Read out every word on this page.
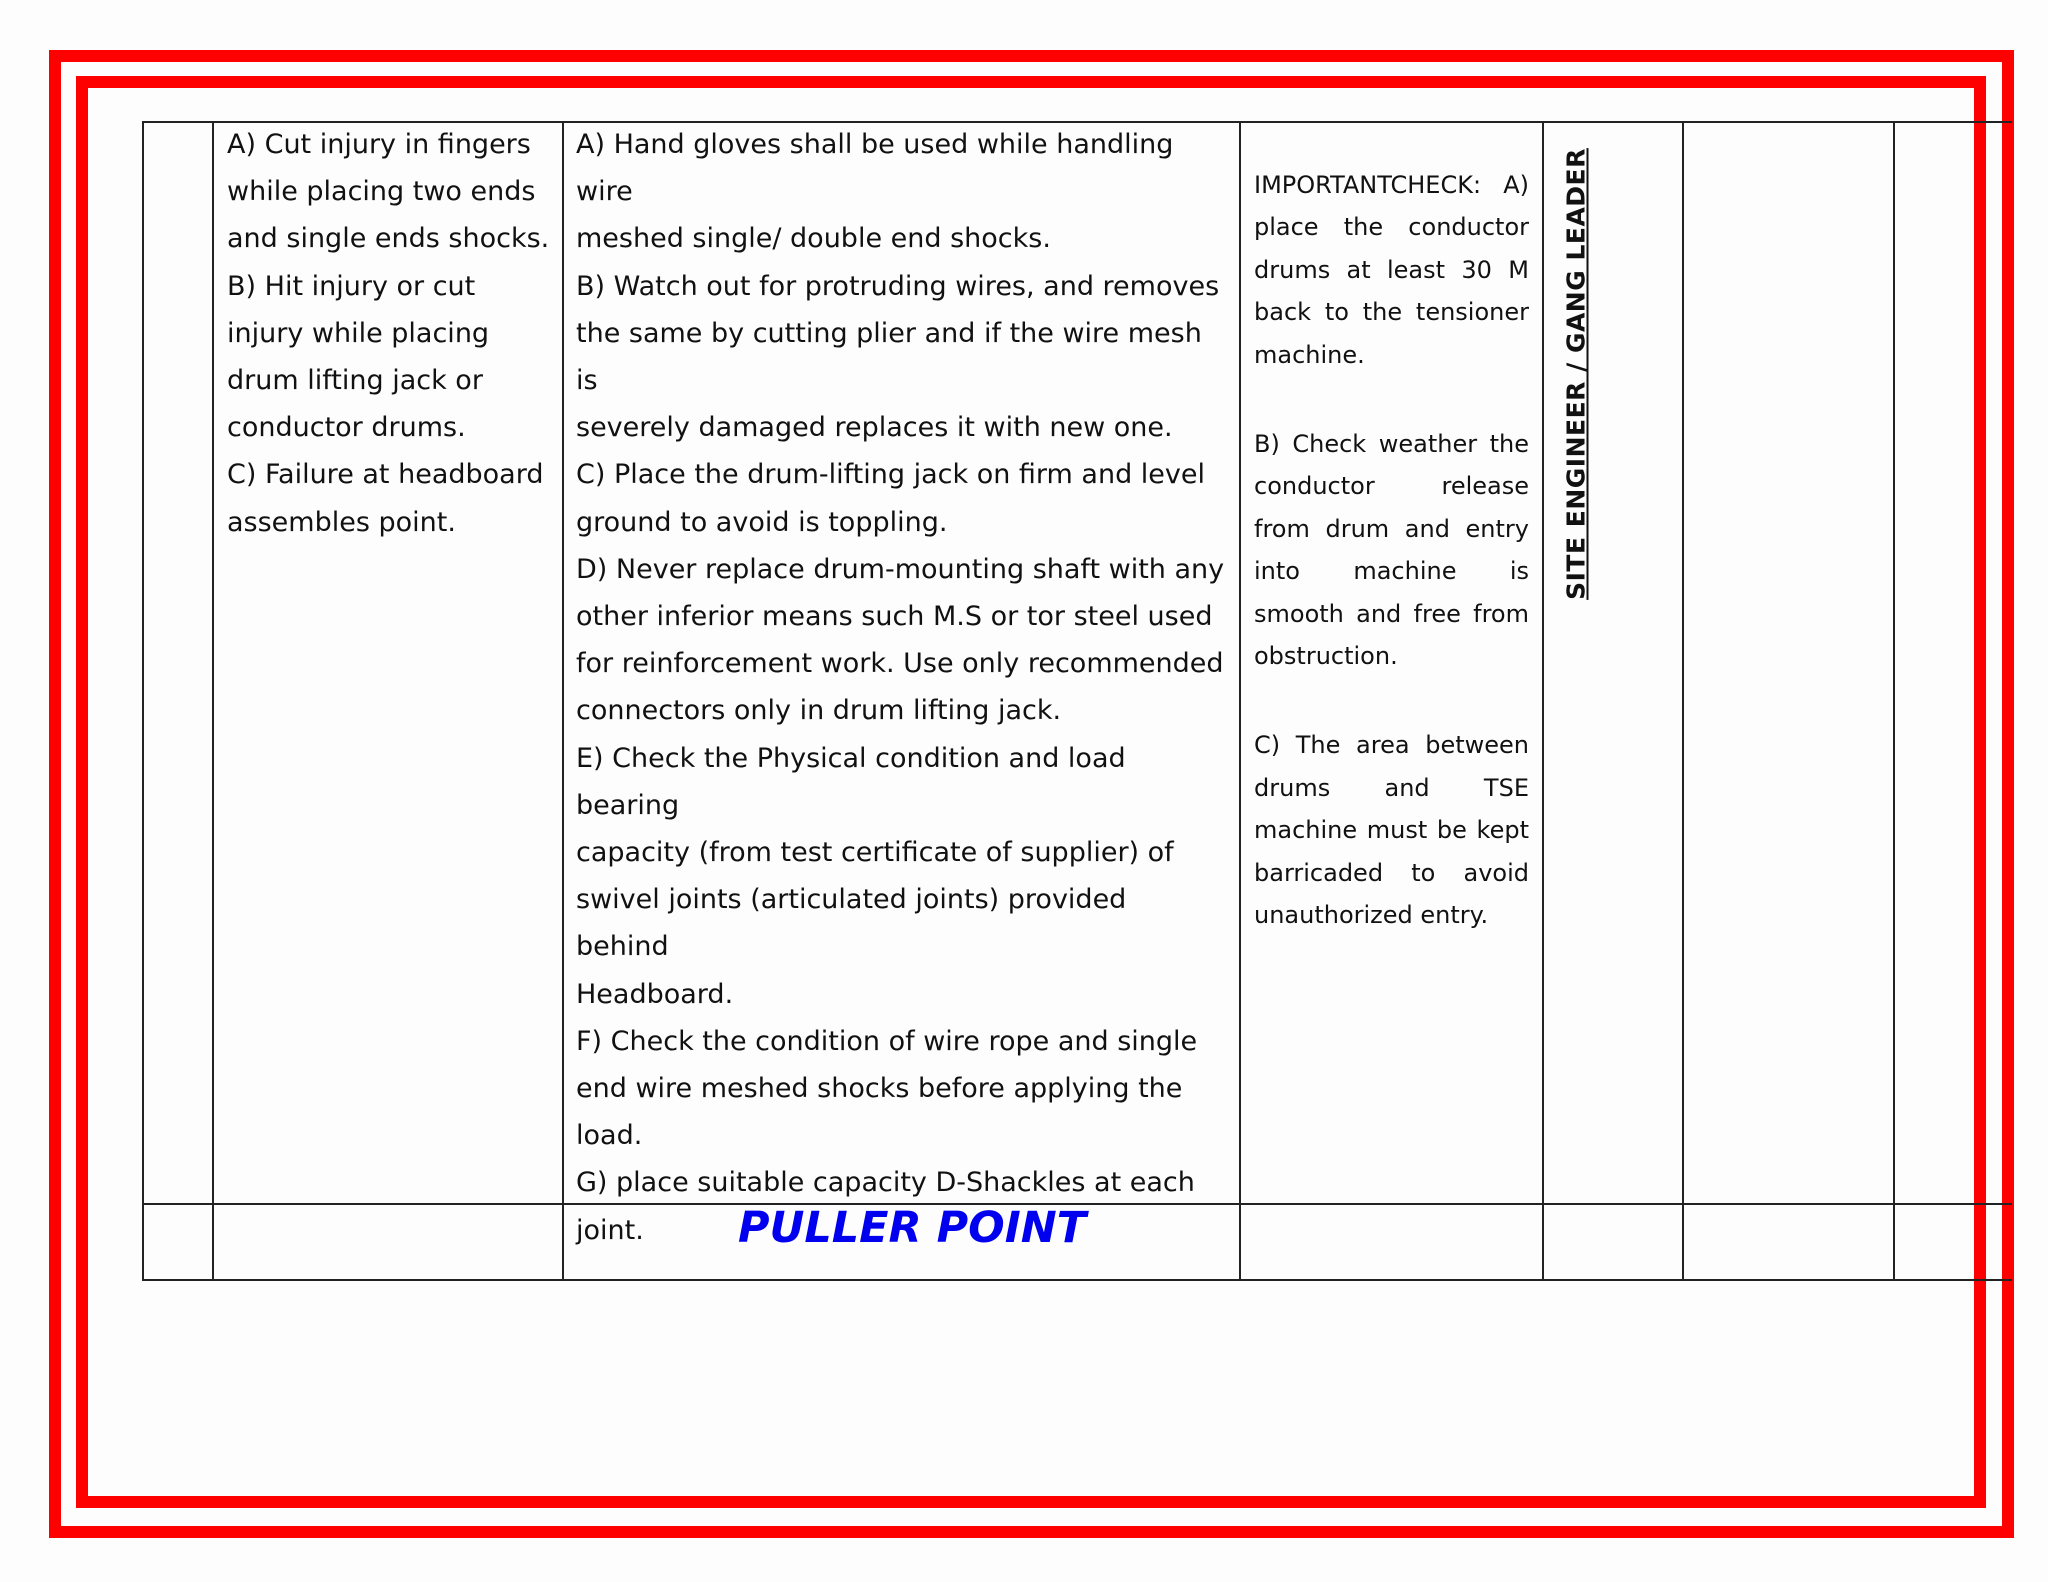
A) Cut injury in fingers
while placing two ends
and single ends shocks.
B) Hit injury or cut
injury while placing
drum lifting jack or
conductor drums.
C) Failure at headboard
assembles point.
A) Hand gloves shall be used while handling wire
meshed single/ double end shocks.
B) Watch out for protruding wires, and removes
the same by cutting plier and if the wire mesh is
severely damaged replaces it with new one.
C) Place the drum-lifting jack on firm and level
ground to avoid is toppling.
D) Never replace drum-mounting shaft with any
other inferior means such M.S or tor steel used
for reinforcement work. Use only recommended
connectors only in drum lifting jack.
E) Check the Physical condition and load bearing
capacity (from test certificate of supplier) of
swivel joints (articulated joints) provided behind
Headboard.
F) Check the condition of wire rope and single
end wire meshed shocks before applying the
load.
G) place suitable capacity D-Shackles at each
joint.

IMPORTANTCHECK: A) place the conductor drums at least 30 M back to the tensioner machine.

B) Check weather the conductor release from drum and entry into machine is smooth and free from obstruction.

C) The area between drums and TSE machine must be kept barricaded to avoid unauthorized entry.

SITE ENGINEER / GANG LEADER
PULLER POINT
